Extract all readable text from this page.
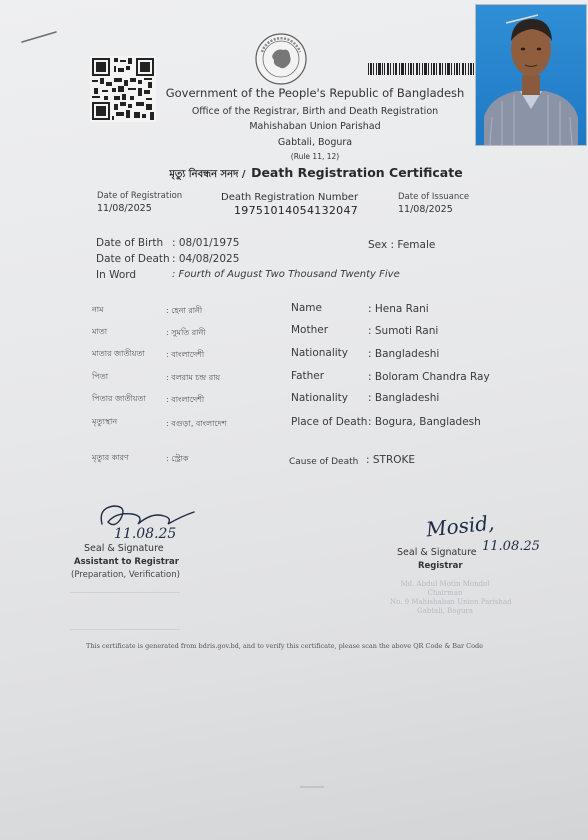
Government of the People's Republic of Bangladesh
Office of the Registrar, Birth and Death Registration
Mahishaban Union Parishad
Gabtali, Bogura
(Rule 11, 12)
মৃত্যু নিবন্ধন সনদ / Death Registration Certificate
Date of Registration
11/08/2025
Death Registration Number
19751014054132047
Date of Issuance
11/08/2025
Date of Birth : 08/01/1975	Sex : Female
Date of Death : 04/08/2025
In Word	: Fourth of August Two Thousand Twenty Five
নাম	: হেনা রানী	Name	: Hena Rani
মাতা	: সুমতি রানী	Mother	: Sumoti Rani
মাতার জাতীয়তা	: বাংলাদেশী	Nationality : Bangladeshi
পিতা	: বলরাম চন্দ্র রায়	Father	: Boloram Chandra Ray
পিতার জাতীয়তা	: বাংলাদেশী	Nationality : Bangladeshi
মৃত্যুস্থান	: বগুড়া, বাংলাদেশ	Place of Death : Bogura, Bangladesh
মৃত্যুর কারণ	: স্ট্রোক	Cause of Death : STROKE
11.08.25
Seal & Signature
Assistant to Registrar
(Preparation, Verification)
Mosid,
11.08.25
Seal & Signature
Registrar
Md. Abdul Motin Mondol
Chairman
No. 9 Mahishaban Union Parishad
Gabtali, Bogura
This certificate is generated from bdris.gov.bd, and to verify this certificate, please scan the above QR Code & Bar Code
